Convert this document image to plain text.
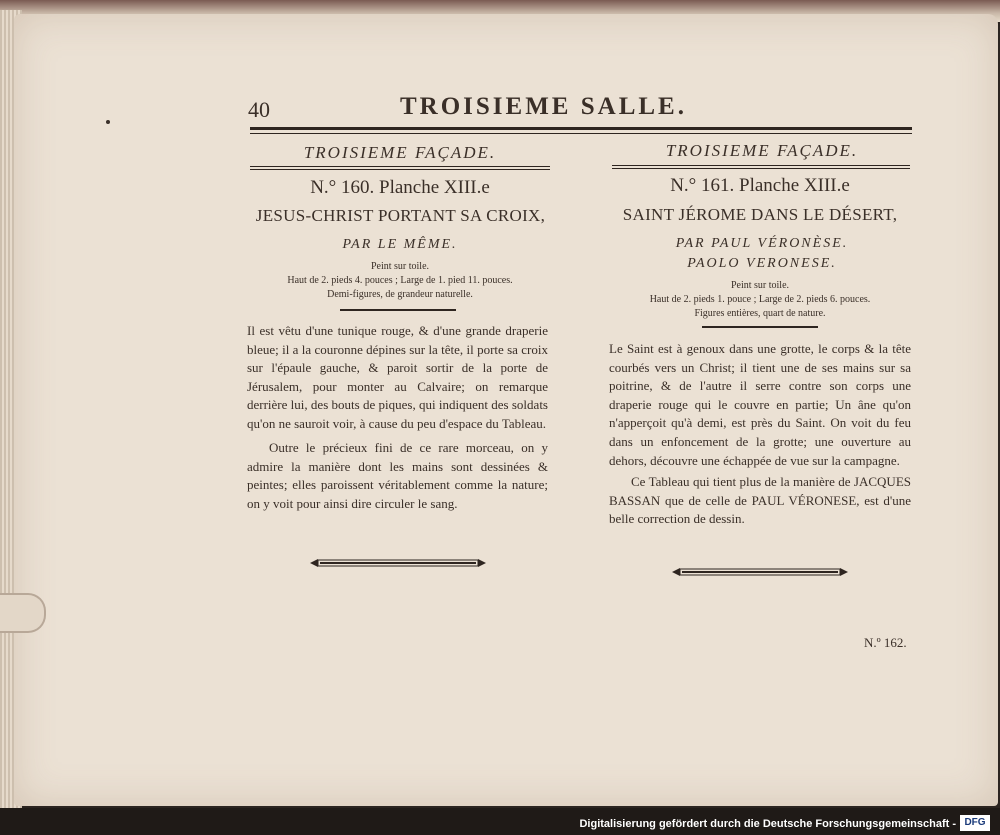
40	TROISIEME SALLE.
TROISIEME FAÇADE.
N.° 160. Planche XIII.e
JESUS-CHRIST PORTANT SA CROIX,
PAR LE MÊME.
Peint sur toile.
Haut de 2. pieds 4. pouces ; Large de 1. pied 11. pouces.
Demi-figures, de grandeur naturelle.
Il est vêtu d'une tunique rouge, & d'une grande draperie bleue; il a la couronne dépines sur la tête, il porte sa croix sur l'épaule gauche, & paroit sortir de la porte de Jérusalem, pour monter au Calvaire; on remarque derrière lui, des bouts de piques, qui indiquent des soldats qu'on ne sauroit voir, à cause du peu d'espace du Tableau.
Outre le précieux fini de ce rare morceau, on y admire la manière dont les mains sont dessinées & peintes; elles paroissent véritablement comme la nature; on y voit pour ainsi dire circuler le sang.
TROISIEME FAÇADE.
N.° 161. Planche XIII.e
SAINT JÉROME DANS LE DÉSERT,
PAR PAUL VÉRONÈSE.
PAOLO VERONESE.
Peint sur toile.
Haut de 2. pieds 1. pouce ; Large de 2. pieds 6. pouces.
Figures entières, quart de nature.
Le Saint est à genoux dans une grotte, le corps & la tête courbés vers un Christ; il tient une de ses mains sur sa poitrine, & de l'autre il serre contre son corps une draperie rouge qui le couvre en partie; Un âne qu'on n'apperçoit qu'à demi, est près du Saint. On voit du feu dans un enfoncement de la grotte; une ouverture au dehors, découvre une échappée de vue sur la campagne.
Ce Tableau qui tient plus de la manière de JACQUES BASSAN que de celle de PAUL VÉRONESE, est d'une belle correction de dessin.
N.º 162.
Digitalisierung gefördert durch die Deutsche Forschungsgemeinschaft - DFG
